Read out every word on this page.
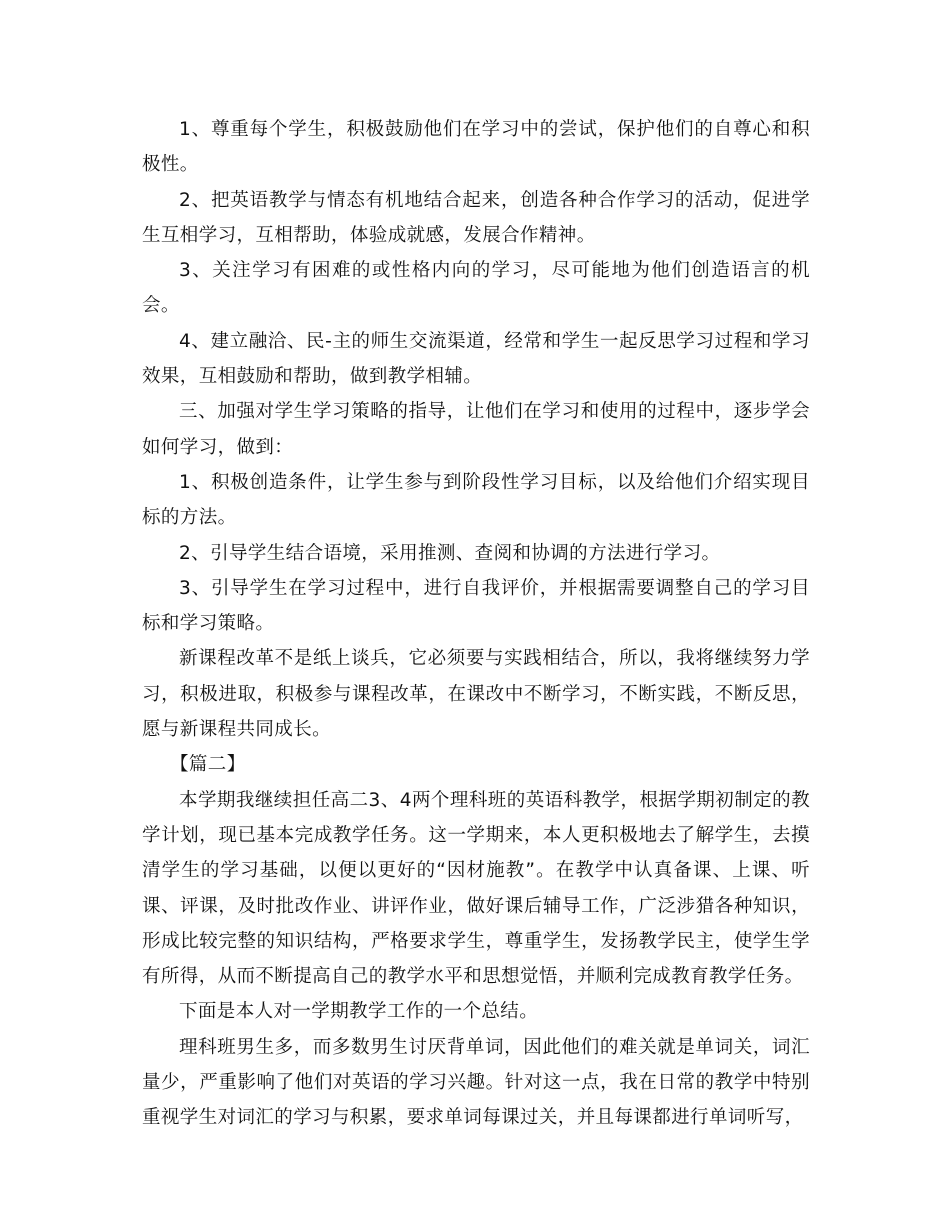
1、尊重每个学生，积极鼓励他们在学习中的尝试，保护他们的自尊心和积极性。

2、把英语教学与情态有机地结合起来，创造各种合作学习的活动，促进学生互相学习，互相帮助，体验成就感，发展合作精神。

3、关注学习有困难的或性格内向的学习，尽可能地为他们创造语言的机会。

4、建立融洽、民-主的师生交流渠道，经常和学生一起反思学习过程和学习效果，互相鼓励和帮助，做到教学相辅。

三、加强对学生学习策略的指导，让他们在学习和使用的过程中，逐步学会如何学习，做到：

1、积极创造条件，让学生参与到阶段性学习目标，以及给他们介绍实现目标的方法。

2、引导学生结合语境，采用推测、查阅和协调的方法进行学习。

3、引导学生在学习过程中，进行自我评价，并根据需要调整自己的学习目标和学习策略。

新课程改革不是纸上谈兵，它必须要与实践相结合，所以，我将继续努力学习，积极进取，积极参与课程改革，在课改中不断学习，不断实践，不断反思，愿与新课程共同成长。

【篇二】

本学期我继续担任高二3、4两个理科班的英语科教学，根据学期初制定的教学计划，现已基本完成教学任务。这一学期来，本人更积极地去了解学生，去摸清学生的学习基础，以便以更好的“因材施教”。在教学中认真备课、上课、听课、评课，及时批改作业、讲评作业，做好课后辅导工作，广泛涉猎各种知识，形成比较完整的知识结构，严格要求学生，尊重学生，发扬教学民主，使学生学有所得，从而不断提高自己的教学水平和思想觉悟，并顺利完成教育教学任务。

下面是本人对一学期教学工作的一个总结。

理科班男生多，而多数男生讨厌背单词，因此他们的难关就是单词关，词汇量少，严重影响了他们对英语的学习兴趣。针对这一点，我在日常的教学中特别重视学生对词汇的学习与积累，要求单词每课过关，并且每课都进行单词听写，
